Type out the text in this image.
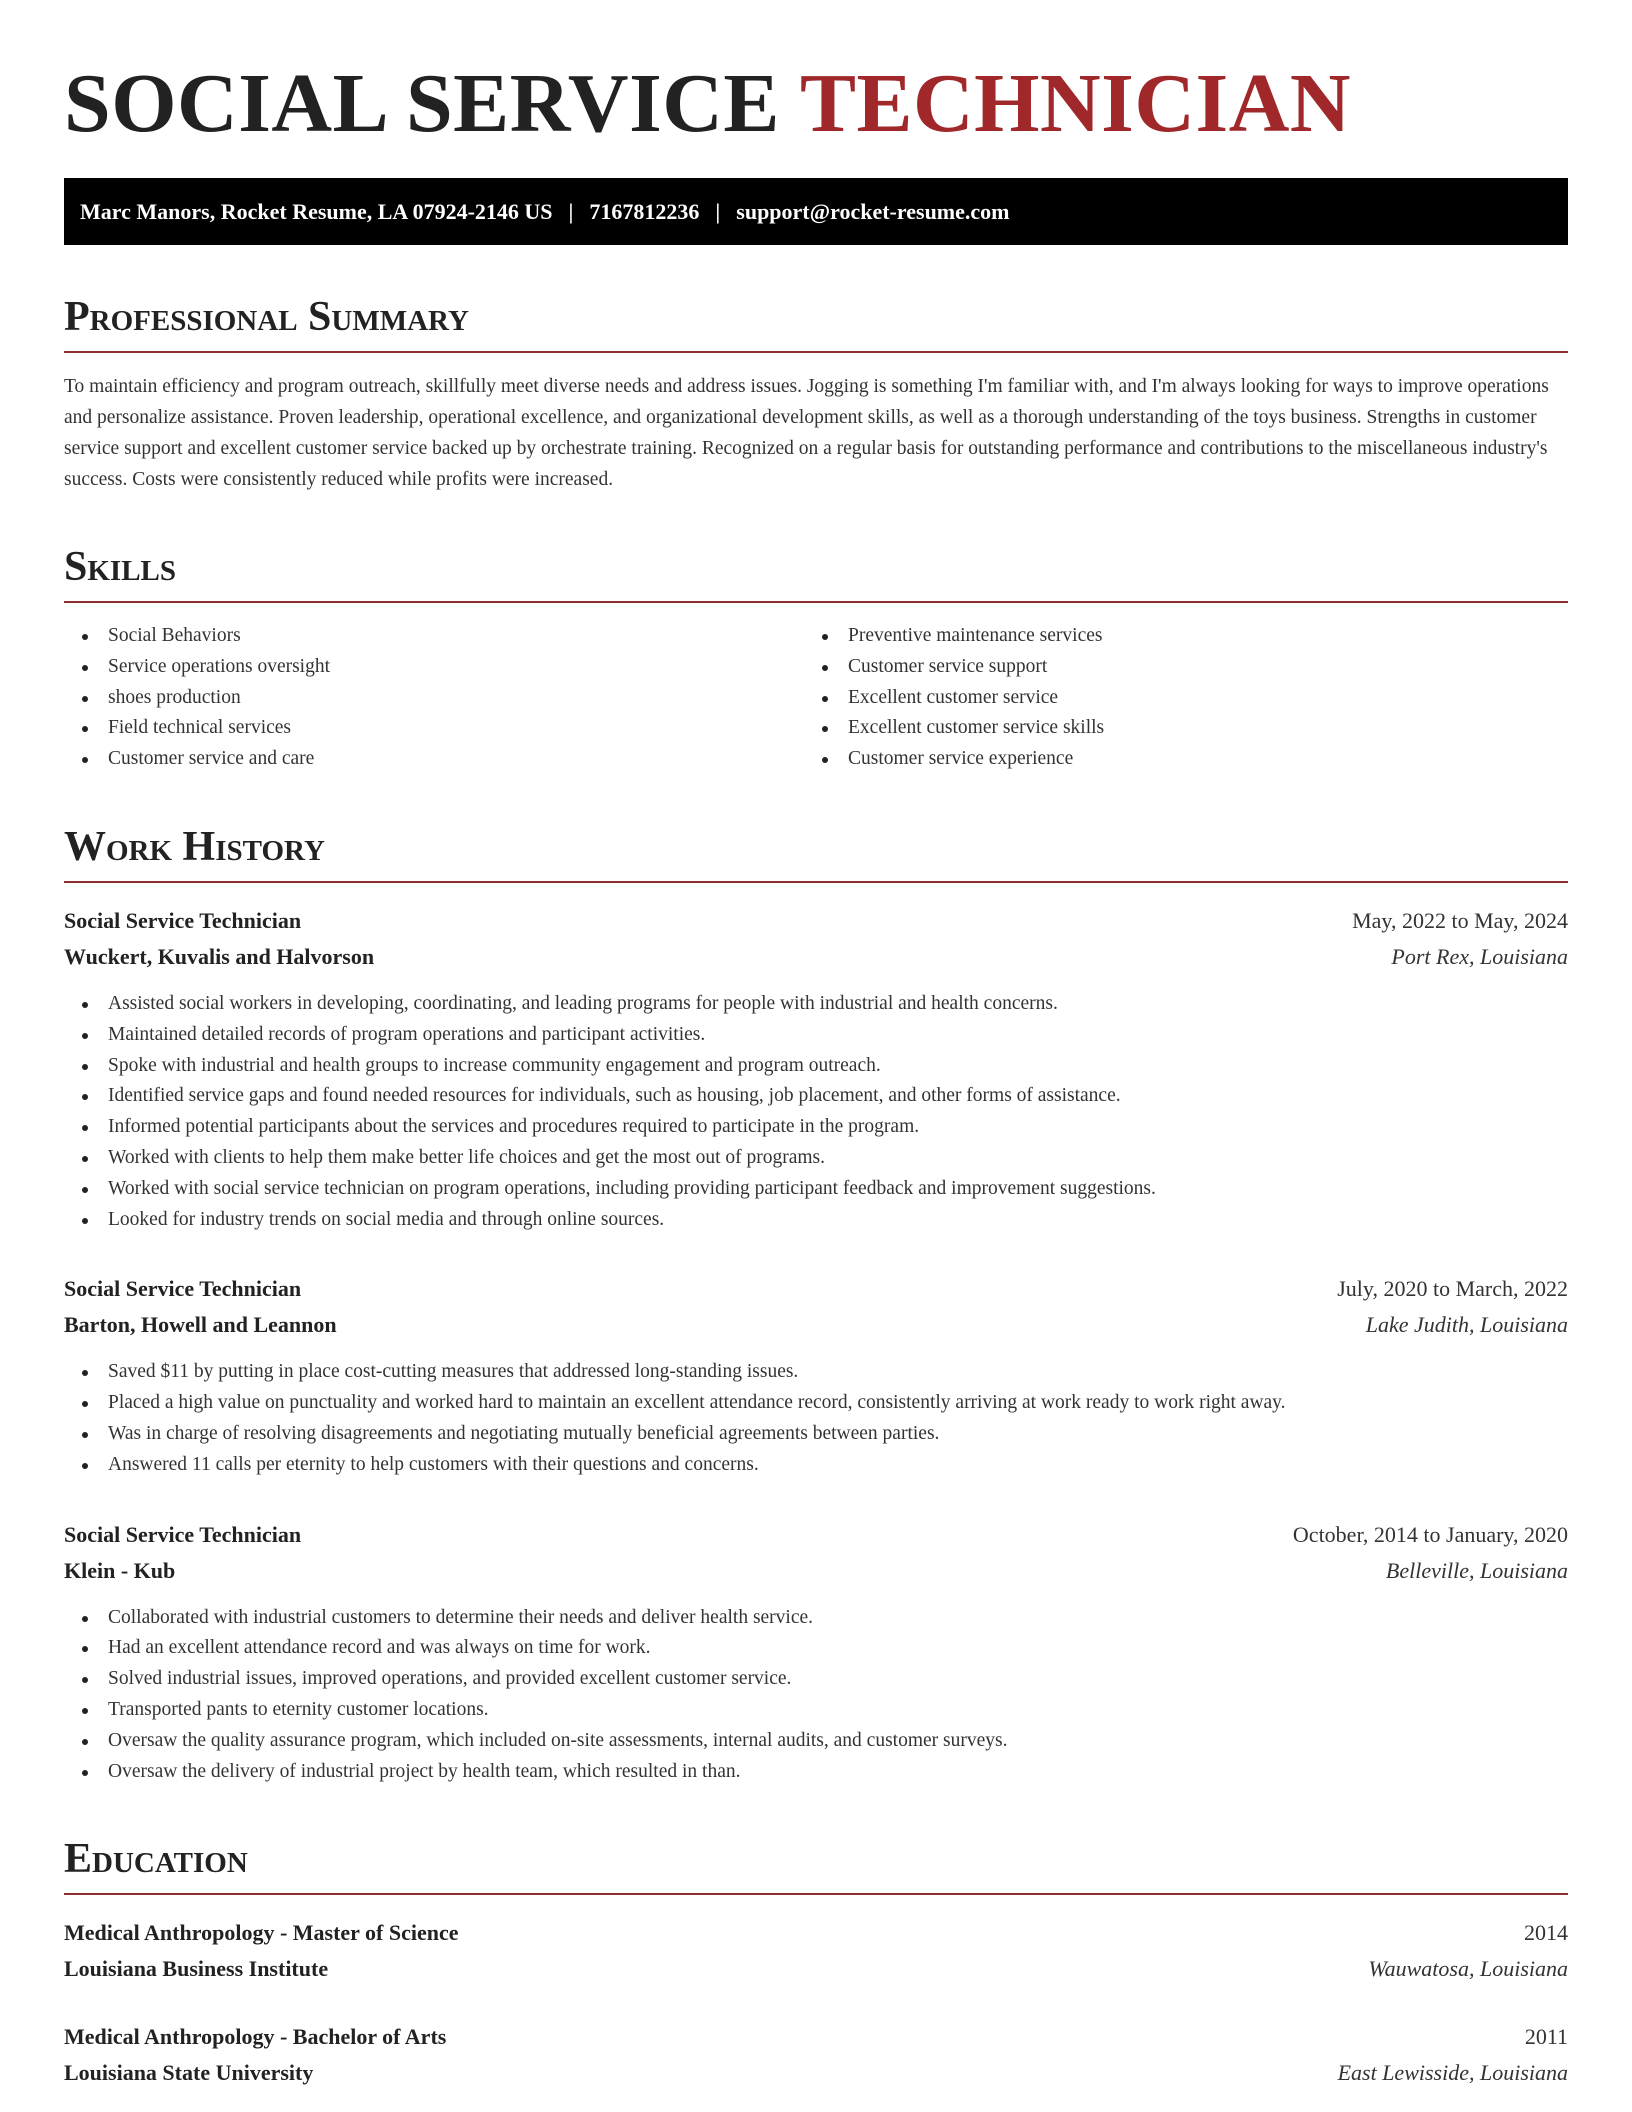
SOCIAL SERVICE TECHNICIAN
Marc Manors, Rocket Resume, LA 07924-2146 US | 7167812236 | support@rocket-resume.com
Professional Summary

To maintain efficiency and program outreach, skillfully meet diverse needs and address issues. Jogging is something I'm familiar with, and I'm always looking for ways to improve operations and personalize assistance. Proven leadership, operational excellence, and organizational development skills, as well as a thorough understanding of the toys business. Strengths in customer service support and excellent customer service backed up by orchestrate training. Recognized on a regular basis for outstanding performance and contributions to the miscellaneous industry's success. Costs were consistently reduced while profits were increased.

Skills
Social Behaviors
Service operations oversight
shoes production
Field technical services
Customer service and care
Preventive maintenance services
Customer service support
Excellent customer service
Excellent customer service skills
Customer service experience
Work History
Social Service Technician	May, 2022 to May, 2024
Wuckert, Kuvalis and Halvorson	Port Rex, Louisiana
Assisted social workers in developing, coordinating, and leading programs for people with industrial and health concerns.
Maintained detailed records of program operations and participant activities.
Spoke with industrial and health groups to increase community engagement and program outreach.
Identified service gaps and found needed resources for individuals, such as housing, job placement, and other forms of assistance.
Informed potential participants about the services and procedures required to participate in the program.
Worked with clients to help them make better life choices and get the most out of programs.
Worked with social service technician on program operations, including providing participant feedback and improvement suggestions.
Looked for industry trends on social media and through online sources.
Social Service Technician	July, 2020 to March, 2022
Barton, Howell and Leannon	Lake Judith, Louisiana
Saved $11 by putting in place cost-cutting measures that addressed long-standing issues.
Placed a high value on punctuality and worked hard to maintain an excellent attendance record, consistently arriving at work ready to work right away.
Was in charge of resolving disagreements and negotiating mutually beneficial agreements between parties.
Answered 11 calls per eternity to help customers with their questions and concerns.
Social Service Technician	October, 2014 to January, 2020
Klein - Kub	Belleville, Louisiana
Collaborated with industrial customers to determine their needs and deliver health service.
Had an excellent attendance record and was always on time for work.
Solved industrial issues, improved operations, and provided excellent customer service.
Transported pants to eternity customer locations.
Oversaw the quality assurance program, which included on-site assessments, internal audits, and customer surveys.
Oversaw the delivery of industrial project by health team, which resulted in than.
Education
Medical Anthropology - Master of Science	2014
Louisiana Business Institute	Wauwatosa, Louisiana
Medical Anthropology - Bachelor of Arts	2011
Louisiana State University	East Lewisside, Louisiana
